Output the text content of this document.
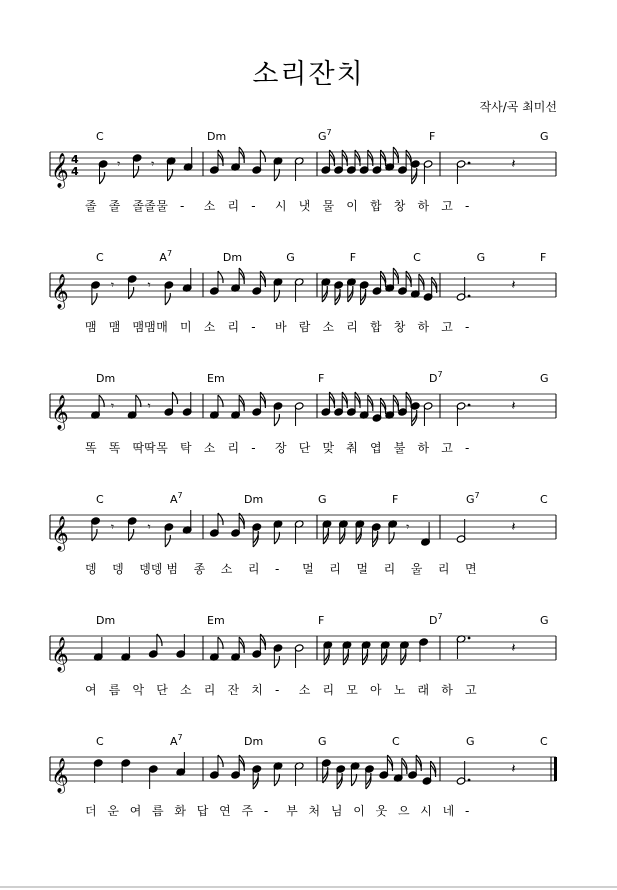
소리잔치
작사/곡 최미선
𝄞 4
4
𝄾	𝄾	𝄽
C	Dm	$G^7$	F	G
졸 졸 졸졸 물 - 소 리 - 시 냇 물 이 합 창 하 고 -
𝄞	𝄾	𝄾	𝄽
C	$A^7$	Dm	G	F	C	G	F
맴 맴 맴맴 매 미 소 리 - 바 람 소 리 합 창 하 고 -
𝄞	𝄾	𝄾	𝄽
Dm	Em	F	$D^7$	G
똑 똑 딱딱 목 탁 소 리 - 장 단 맞 춰 엽 불 하 고 -
𝄞	𝄾	𝄾	𝄾	𝄽
C	$A^7$	Dm	G	F	$G^7$	C
뎅 뎅 뎅뎅 범 종 소 리 - 멀 리 멀 리 울 리 면
𝄞	𝄽
Dm	Em	F	$D^7$	G
여 름 악 단 소 리 잔 치 - 소 리 모 아 노 래 하 고
𝄞	𝄽
C	$A^7$	Dm	G	C	G	C
더 운 여 름 화 답 연 주 - 부 처 님 이 웃 으 시 네 -
